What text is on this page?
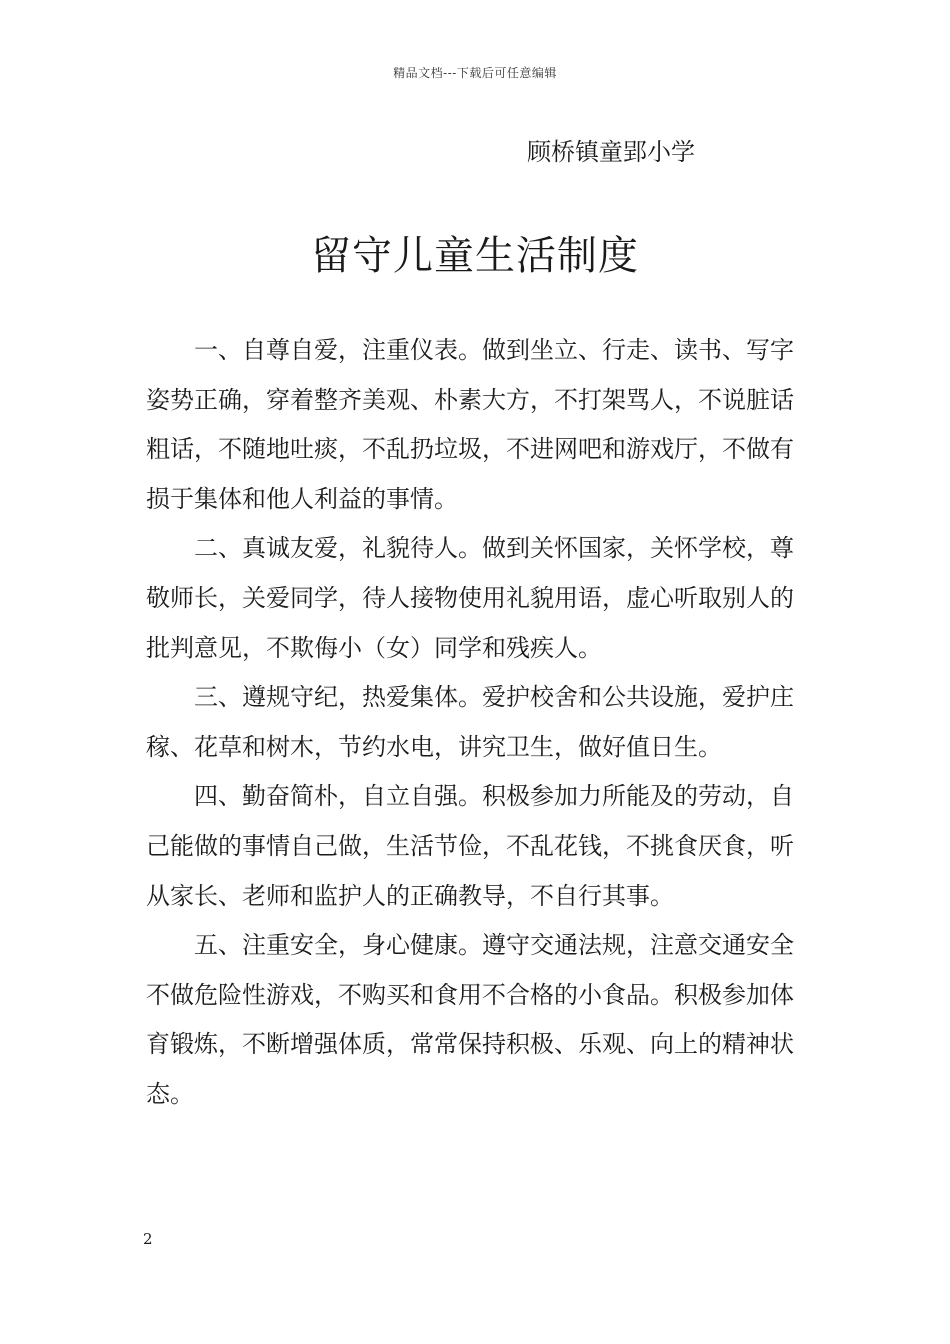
精品文档---下载后可任意编辑
顾桥镇童郢小学
留守儿童生活制度

一、自尊自爱，注重仪表。做到坐立、行走、读书、写字姿势正确，穿着整齐美观、朴素大方，不打架骂人，不说脏话粗话，不随地吐痰，不乱扔垃圾，不进网吧和游戏厅，不做有损于集体和他人利益的事情。

二、真诚友爱，礼貌待人。做到关怀国家，关怀学校，尊敬师长，关爱同学，待人接物使用礼貌用语，虚心听取别人的批判意见，不欺侮小（女）同学和残疾人。

三、遵规守纪，热爱集体。爱护校舍和公共设施，爱护庄稼、花草和树木，节约水电，讲究卫生，做好值日生。

四、勤奋简朴，自立自强。积极参加力所能及的劳动，自己能做的事情自己做，生活节俭，不乱花钱，不挑食厌食，听从家长、老师和监护人的正确教导，不自行其事。

五、注重安全，身心健康。遵守交通法规，注意交通安全不做危险性游戏，不购买和食用不合格的小食品。积极参加体育锻炼，不断增强体质，常常保持积极、乐观、向上的精神状态。

2
